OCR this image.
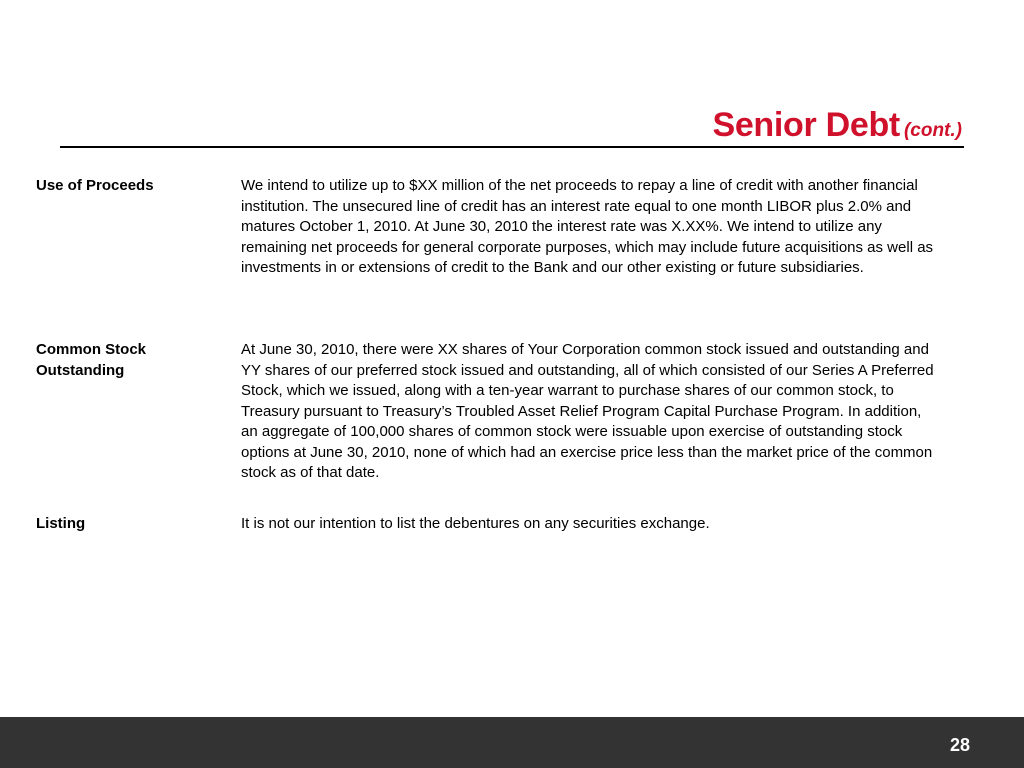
Senior Debt (cont.)
Use of Proceeds	We intend to utilize up to $XX million of the net proceeds to repay a line of credit with another financial institution. The unsecured line of credit has an interest rate equal to one month LIBOR plus 2.0% and matures October 1, 2010. At June 30, 2010 the interest rate was X.XX%. We intend to utilize any remaining net proceeds for general corporate purposes, which may include future acquisitions as well as investments in or extensions of credit to the Bank and our other existing or future subsidiaries.
Common Stock Outstanding
At June 30, 2010, there were XX shares of Your Corporation common stock issued and outstanding and YY shares of our preferred stock issued and outstanding, all of which consisted of our Series A Preferred Stock, which we issued, along with a ten-year warrant to purchase shares of our common stock, to Treasury pursuant to Treasury’s Troubled Asset Relief Program Capital Purchase Program. In addition, an aggregate of 100,000 shares of common stock were issuable upon exercise of outstanding stock options at June 30, 2010, none of which had an exercise price less than the market price of the common stock as of that date.
Listing	It is not our intention to list the debentures on any securities exchange.
28
